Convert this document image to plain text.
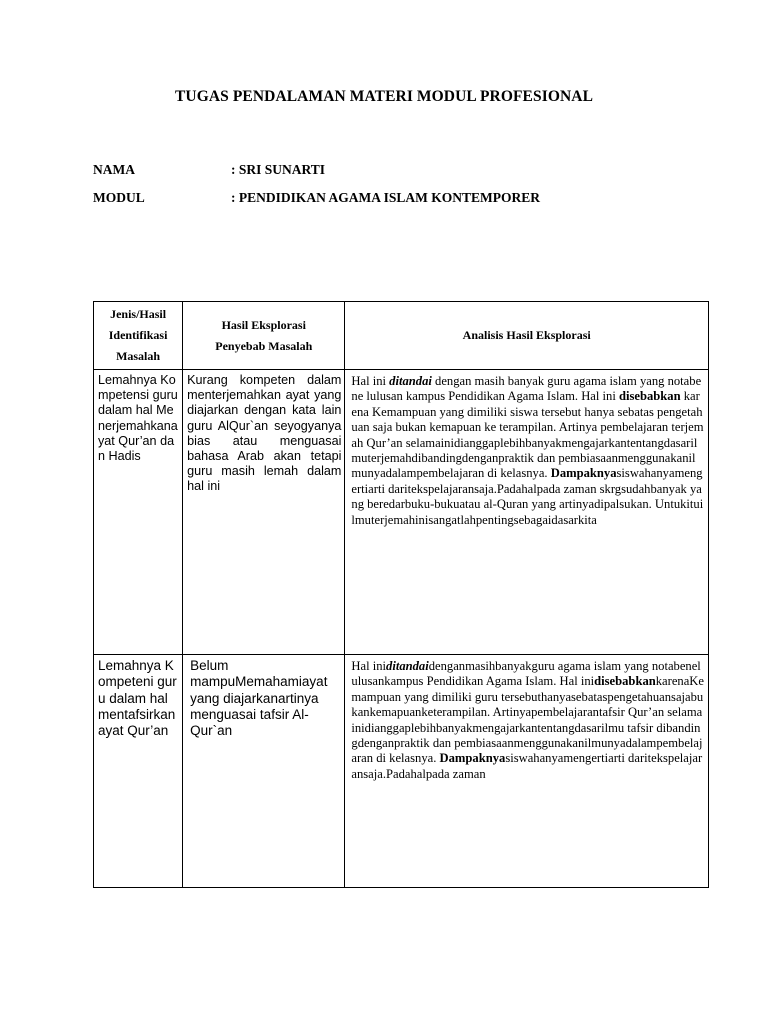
TUGAS PENDALAMAN MATERI MODUL PROFESIONAL
NAMA	: SRI SUNARTI
MODUL	: PENDIDIKAN AGAMA ISLAM KONTEMPORER
Jenis/Hasil Identifikasi Masalah	Hasil Eksplorasi Penyebab Masalah	Analisis Hasil Eksplorasi

Lemahnya Kompetensi guru dalam hal Menerjemahkanayat Qur’an dan Hadis	Kurang kompeten dalam menterjemahkan ayat yang diajarkan dengan kata lain guru AlQur`an seyogyanya bias atau menguasai bahasa Arab akan tetapi guru masih lemah dalam hal ini	Hal ini ditandai dengan masih banyak guru agama islam yang notabene lulusan kampus Pendidikan Agama Islam. Hal ini disebabkan karena Kemampuan yang dimiliki siswa tersebut hanya sebatas pengetahuan saja bukan kemapuan ke terampilan. Artinya pembelajaran terjemah Qur’an selamainidianggaplebihbanyakmengajarkantentangdasarilmuterjemahdibandingdenganpraktik dan pembiasaanmenggunakanilmunyadalampembelajaran di kelasnya. Dampaknyasiswahanyamengertiarti daritekspelajaransaja.Padahalpada zaman skrgsudahbanyak yang beredarbuku-bukuatau al-Quran yang artinyadipalsukan. Untukituilmuterjemahinisangatlahpentingsebagaidasarkita

Lemahnya Kompeteni guru dalam hal mentafsirkanayat Qur’an	Belum mampuMemahamiayat yang diajarkanartinya menguasai tafsir Al-Qur`an	Hal iniditandaidenganmasihbanyakguru agama islam yang notabenelulusankampus Pendidikan Agama Islam. Hal inidisebabkankarenaKemampuan yang dimiliki guru tersebuthanyasebataspengetahuansajabukankemapuanketerampilan. Artinyapembelajarantafsir Qur’an selamainidianggaplebihbanyakmengajarkantentangdasarilmu tafsir dibandingdenganpraktik dan pembiasaanmenggunakanilmunyadalampembelajaran di kelasnya. Dampaknyasiswahanyamengertiarti daritekspelajaransaja.Padahalpada zaman
